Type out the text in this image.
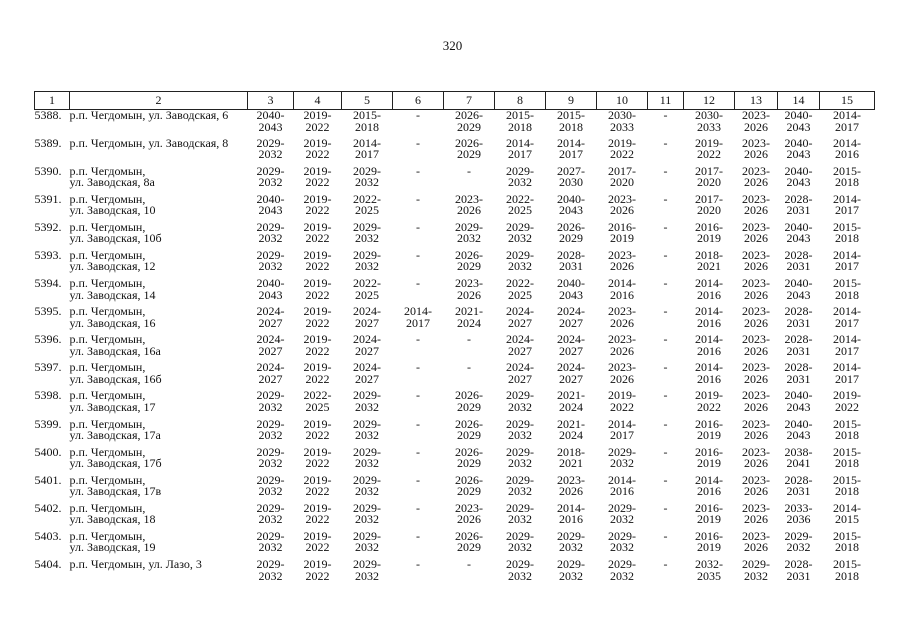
320
1	2	3	4	5	6	7	8	9	10	11	12	13	14	15
5388.	р.п. Чегдомын, ул. Заводская, 6	2040-
2043	2019-
2022	2015-
2018	-	2026-
2029	2015-
2018	2015-
2018	2030-
2033	-	2030-
2033	2023-
2026	2040-
2043	2014-
2017
5389.	р.п. Чегдомын, ул. Заводская, 8	2029-
2032	2019-
2022	2014-
2017	-	2026-
2029	2014-
2017	2014-
2017	2019-
2022	-	2019-
2022	2023-
2026	2040-
2043	2014-
2016
5390.	р.п. Чегдомын,
ул. Заводская, 8а	2029-
2032	2019-
2022	2029-
2032	-	-	2029-
2032	2027-
2030	2017-
2020	-	2017-
2020	2023-
2026	2040-
2043	2015-
2018
5391.	р.п. Чегдомын,
ул. Заводская, 10	2040-
2043	2019-
2022	2022-
2025	-	2023-
2026	2022-
2025	2040-
2043	2023-
2026	-	2017-
2020	2023-
2026	2028-
2031	2014-
2017
5392.	р.п. Чегдомын,
ул. Заводская, 10б	2029-
2032	2019-
2022	2029-
2032	-	2029-
2032	2029-
2032	2026-
2029	2016-
2019	-	2016-
2019	2023-
2026	2040-
2043	2015-
2018
5393.	р.п. Чегдомын,
ул. Заводская, 12	2029-
2032	2019-
2022	2029-
2032	-	2026-
2029	2029-
2032	2028-
2031	2023-
2026	-	2018-
2021	2023-
2026	2028-
2031	2014-
2017
5394.	р.п. Чегдомын,
ул. Заводская, 14	2040-
2043	2019-
2022	2022-
2025	-	2023-
2026	2022-
2025	2040-
2043	2014-
2016	-	2014-
2016	2023-
2026	2040-
2043	2015-
2018
5395.	р.п. Чегдомын,
ул. Заводская, 16	2024-
2027	2019-
2022	2024-
2027	2014-
2017	2021-
2024	2024-
2027	2024-
2027	2023-
2026	-	2014-
2016	2023-
2026	2028-
2031	2014-
2017
5396.	р.п. Чегдомын,
ул. Заводская, 16а	2024-
2027	2019-
2022	2024-
2027	-	-	2024-
2027	2024-
2027	2023-
2026	-	2014-
2016	2023-
2026	2028-
2031	2014-
2017
5397.	р.п. Чегдомын,
ул. Заводская, 16б	2024-
2027	2019-
2022	2024-
2027	-	-	2024-
2027	2024-
2027	2023-
2026	-	2014-
2016	2023-
2026	2028-
2031	2014-
2017
5398.	р.п. Чегдомын,
ул. Заводская, 17	2029-
2032	2022-
2025	2029-
2032	-	2026-
2029	2029-
2032	2021-
2024	2019-
2022	-	2019-
2022	2023-
2026	2040-
2043	2019-
2022
5399.	р.п. Чегдомын,
ул. Заводская, 17а	2029-
2032	2019-
2022	2029-
2032	-	2026-
2029	2029-
2032	2021-
2024	2014-
2017	-	2016-
2019	2023-
2026	2040-
2043	2015-
2018
5400.	р.п. Чегдомын,
ул. Заводская, 17б	2029-
2032	2019-
2022	2029-
2032	-	2026-
2029	2029-
2032	2018-
2021	2029-
2032	-	2016-
2019	2023-
2026	2038-
2041	2015-
2018
5401.	р.п. Чегдомын,
ул. Заводская, 17в	2029-
2032	2019-
2022	2029-
2032	-	2026-
2029	2029-
2032	2023-
2026	2014-
2016	-	2014-
2016	2023-
2026	2028-
2031	2015-
2018
5402.	р.п. Чегдомын,
ул. Заводская, 18	2029-
2032	2019-
2022	2029-
2032	-	2023-
2026	2029-
2032	2014-
2016	2029-
2032	-	2016-
2019	2023-
2026	2033-
2036	2014-
2015
5403.	р.п. Чегдомын,
ул. Заводская, 19	2029-
2032	2019-
2022	2029-
2032	-	2026-
2029	2029-
2032	2029-
2032	2029-
2032	-	2016-
2019	2023-
2026	2029-
2032	2015-
2018
5404.	р.п. Чегдомын, ул. Лазо, 3	2029-
2032	2019-
2022	2029-
2032	-	-	2029-
2032	2029-
2032	2029-
2032	-	2032-
2035	2029-
2032	2028-
2031	2015-
2018
